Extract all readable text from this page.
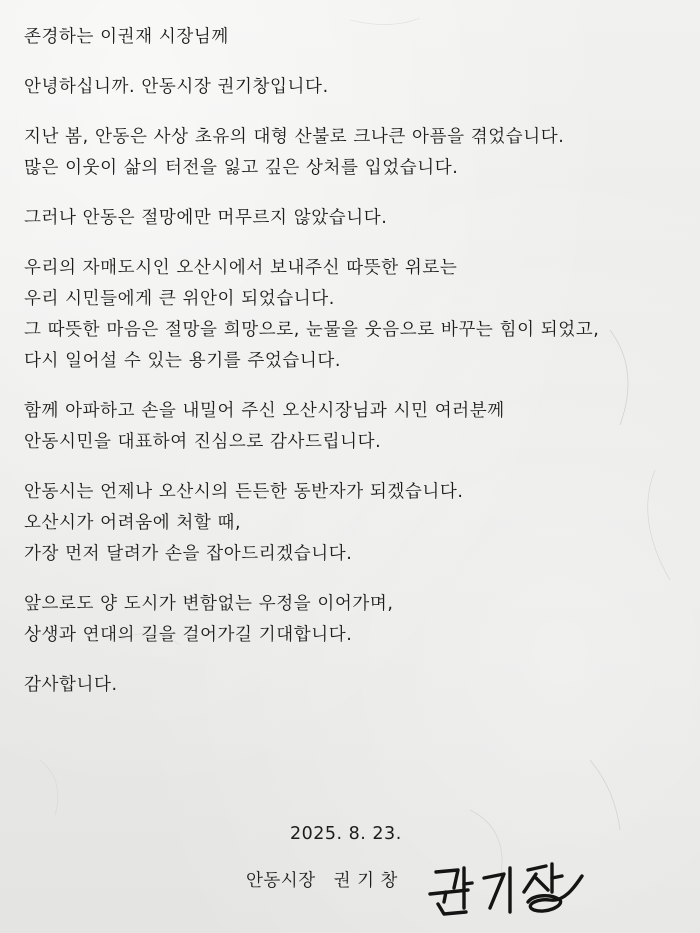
존경하는 이권재 시장님께
안녕하십니까. 안동시장 권기창입니다.
지난 봄, 안동은 사상 초유의 대형 산불로 크나큰 아픔을 겪었습니다.
많은 이웃이 삶의 터전을 잃고 깊은 상처를 입었습니다.
그러나 안동은 절망에만 머무르지 않았습니다.
우리의 자매도시인 오산시에서 보내주신 따뜻한 위로는
우리 시민들에게 큰 위안이 되었습니다.
그 따뜻한 마음은 절망을 희망으로, 눈물을 웃음으로 바꾸는 힘이 되었고,
다시 일어설 수 있는 용기를 주었습니다.
함께 아파하고 손을 내밀어 주신 오산시장님과 시민 여러분께
안동시민을 대표하여 진심으로 감사드립니다.
안동시는 언제나 오산시의 든든한 동반자가 되겠습니다.
오산시가 어려움에 처할 때,
가장 먼저 달려가 손을 잡아드리겠습니다.
앞으로도 양 도시가 변함없는 우정을 이어가며,
상생과 연대의 길을 걸어가길 기대합니다.
감사합니다.
2025. 8. 23.
안동시장 권 기 창
